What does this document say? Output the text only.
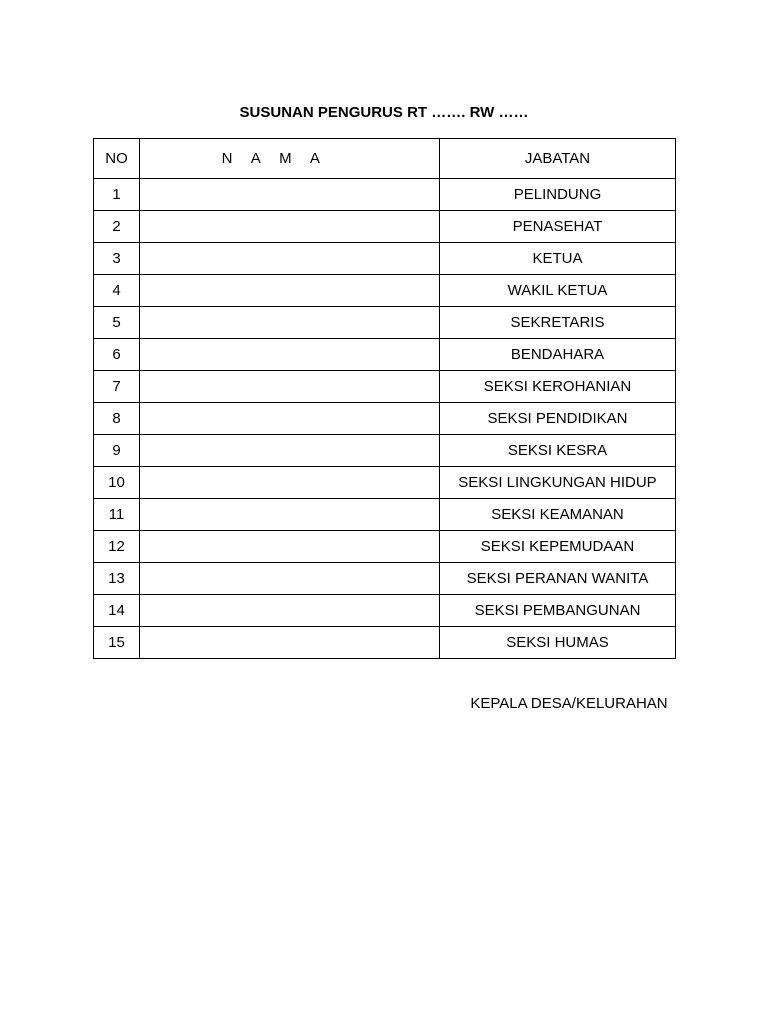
SUSUNAN PENGURUS RT ……. RW ……
NO	N A M A	JABATAN
1		PELINDUNG
2		PENASEHAT
3		KETUA
4		WAKIL KETUA
5		SEKRETARIS
6		BENDAHARA
7		SEKSI KEROHANIAN
8		SEKSI PENDIDIKAN
9		SEKSI KESRA
10		SEKSI LINGKUNGAN HIDUP
11		SEKSI KEAMANAN
12		SEKSI KEPEMUDAAN
13		SEKSI PERANAN WANITA
14		SEKSI PEMBANGUNAN
15		SEKSI HUMAS
KEPALA DESA/KELURAHAN
